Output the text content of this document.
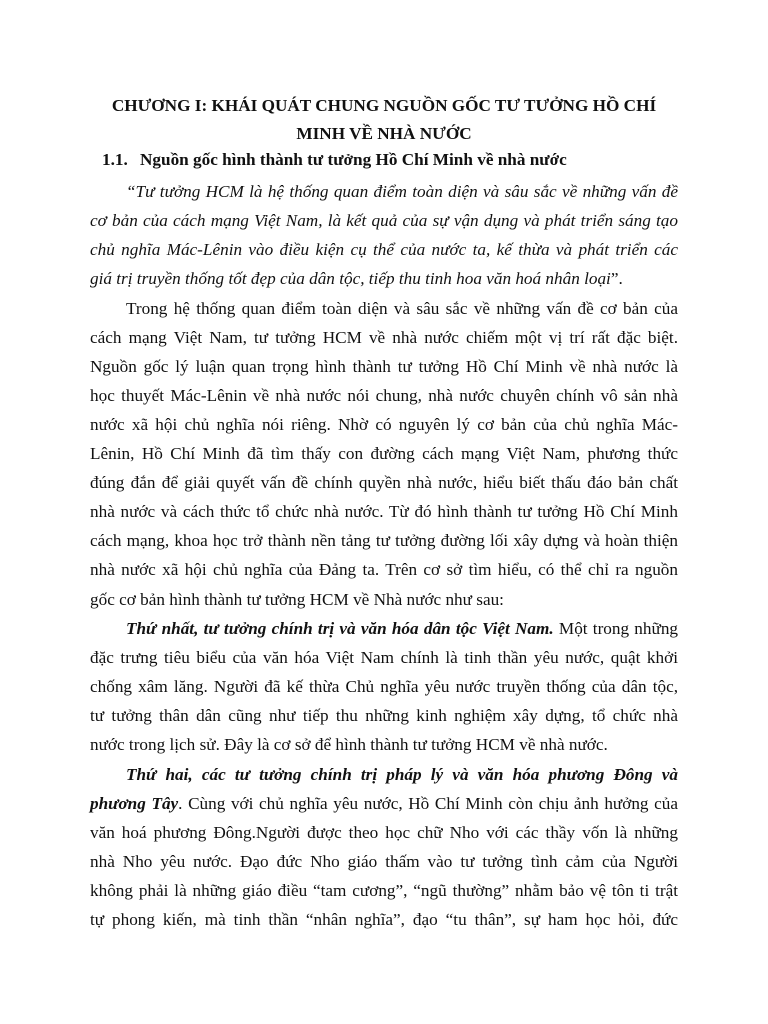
CHƯƠNG I: KHÁI QUÁT CHUNG NGUỒN GỐC TƯ TƯỞNG HỒ CHÍ
MINH VỀ NHÀ NƯỚC
1.1. Nguồn gốc hình thành tư tưởng Hồ Chí Minh về nhà nước
“Tư tưởng HCM là hệ thống quan điểm toàn diện và sâu sắc về những vấn đề
cơ bản của cách mạng Việt Nam, là kết quả của sự vận dụng và phát triển sáng tạo
chủ nghĩa Mác-Lênin vào điều kiện cụ thể của nước ta, kế thừa và phát triển các
giá trị truyền thống tốt đẹp của dân tộc, tiếp thu tinh hoa văn hoá nhân loại”.
Trong hệ thống quan điểm toàn diện và sâu sắc về những vấn đề cơ bản của
cách mạng Việt Nam, tư tưởng HCM về nhà nước chiếm một vị trí rất đặc biệt.
Nguồn gốc lý luận quan trọng hình thành tư tưởng Hồ Chí Minh về nhà nước là
học thuyết Mác-Lênin về nhà nước nói chung, nhà nước chuyên chính vô sản nhà
nước xã hội chủ nghĩa nói riêng. Nhờ có nguyên lý cơ bản của chủ nghĩa Mác-
Lênin, Hồ Chí Minh đã tìm thấy con đường cách mạng Việt Nam, phương thức
đúng đắn để giải quyết vấn đề chính quyền nhà nước, hiểu biết thấu đáo bản chất
nhà nước và cách thức tổ chức nhà nước. Từ đó hình thành tư tưởng Hồ Chí Minh
cách mạng, khoa học trở thành nền tảng tư tưởng đường lối xây dựng và hoàn thiện
nhà nước xã hội chủ nghĩa của Đảng ta. Trên cơ sở tìm hiểu, có thể chỉ ra nguồn
gốc cơ bản hình thành tư tưởng HCM về Nhà nước như sau:
Thứ nhất, tư tưởng chính trị và văn hóa dân tộc Việt Nam. Một trong những
đặc trưng tiêu biểu của văn hóa Việt Nam chính là tinh thần yêu nước, quật khởi
chống xâm lăng. Người đã kế thừa Chủ nghĩa yêu nước truyền thống của dân tộc,
tư tưởng thân dân cũng như tiếp thu những kinh nghiệm xây dựng, tổ chức nhà
nước trong lịch sử. Đây là cơ sở để hình thành tư tưởng HCM về nhà nước.
Thứ hai, các tư tưởng chính trị pháp lý và văn hóa phương Đông và
phương Tây. Cùng với chủ nghĩa yêu nước, Hồ Chí Minh còn chịu ảnh hưởng của
văn hoá phương Đông.Người được theo học chữ Nho với các thầy vốn là những
nhà Nho yêu nước. Đạo đức Nho giáo thấm vào tư tưởng tình cảm của Người
không phải là những giáo điều “tam cương”, “ngũ thường” nhằm bảo vệ tôn ti trật
tự phong kiến, mà tinh thần “nhân nghĩa”, đạo “tu thân”, sự ham học hỏi, đức
